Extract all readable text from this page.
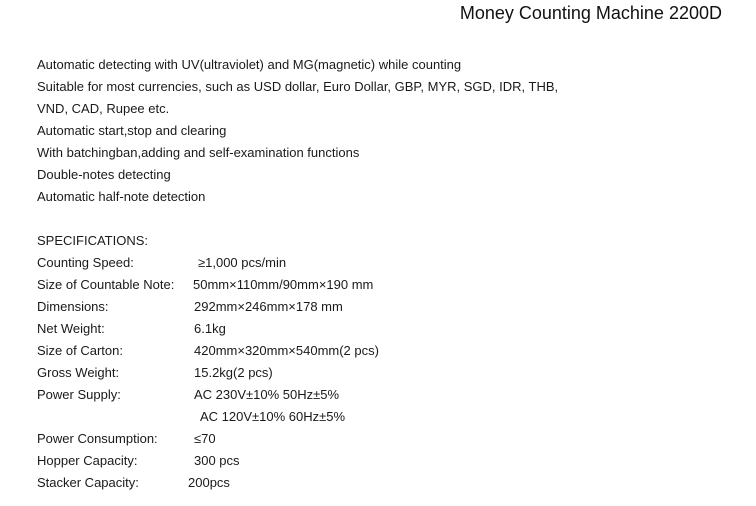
Money Counting Machine 2200D
Automatic detecting with UV(ultraviolet) and MG(magnetic) while counting
Suitable for most currencies, such as USD dollar, Euro Dollar, GBP, MYR, SGD, IDR, THB,
VND, CAD, Rupee etc.
Automatic start,stop and clearing
With batchingban,adding and self-examination functions
Double-notes detecting
Automatic half-note detection
SPECIFICATIONS:
Counting Speed:	≥1,000 pcs/min
Size of Countable Note: 50mm×110mm/90mm×190 mm
Dimensions:	292mm×246mm×178 mm
Net Weight:	6.1kg
Size of Carton:	420mm×320mm×540mm(2 pcs)
Gross Weight:	15.2kg(2 pcs)
Power Supply:	AC 230V±10% 50Hz±5%
AC 120V±10% 60Hz±5%
Power Consumption:	≤70
Hopper Capacity:	300 pcs
Stacker Capacity:	200pcs
